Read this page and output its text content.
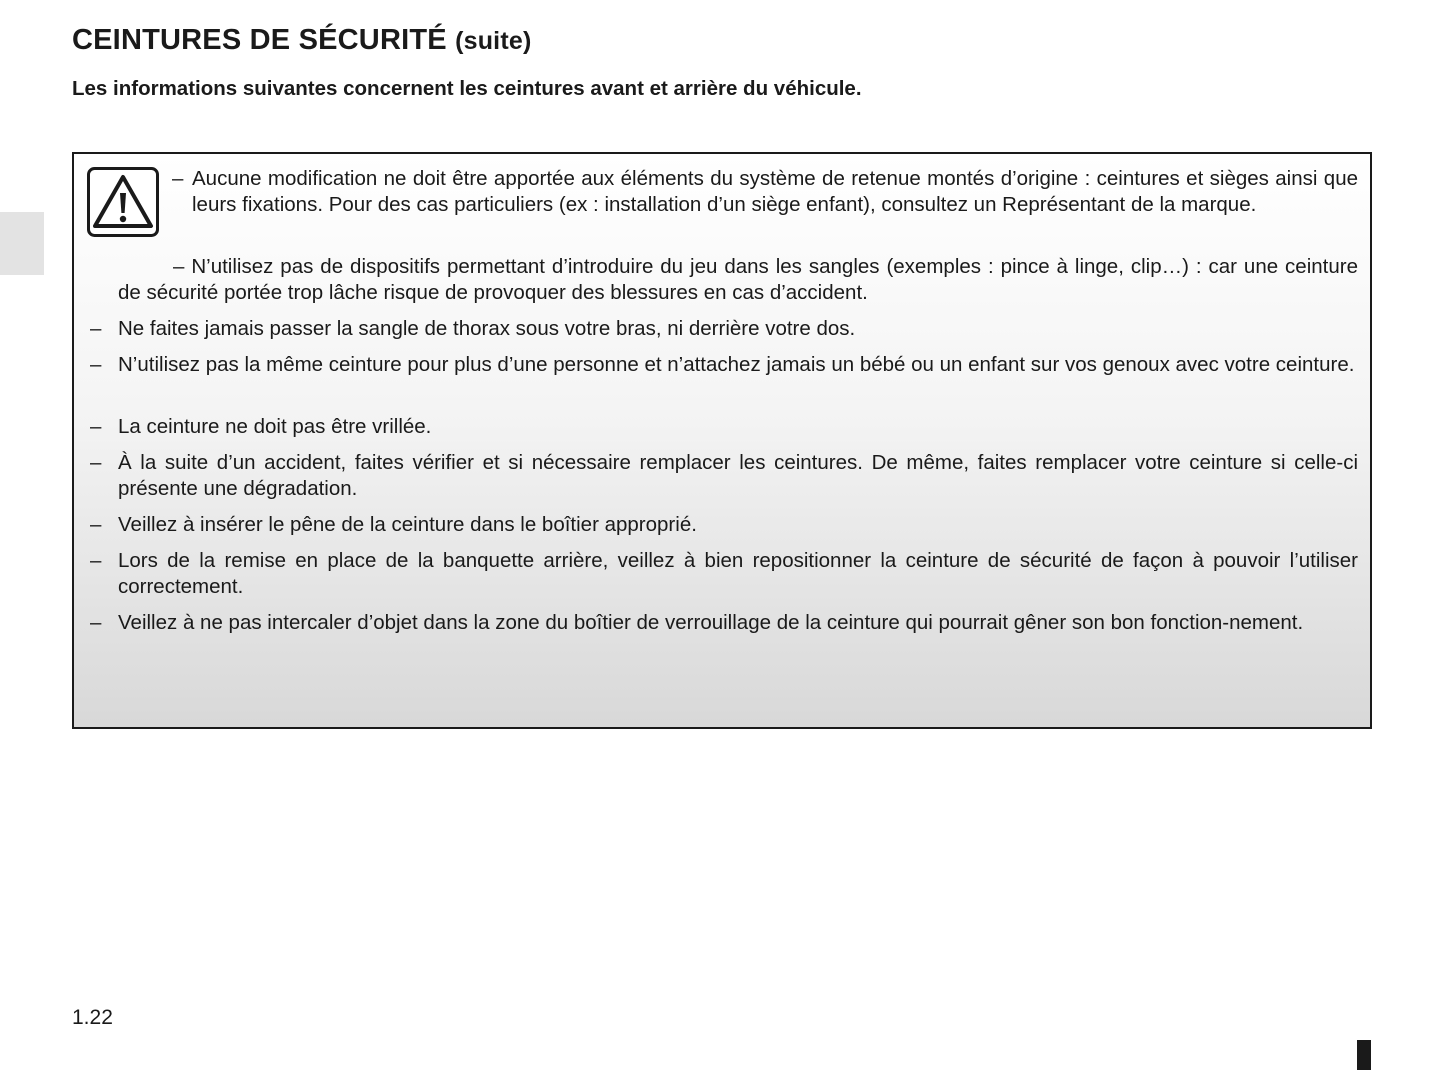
CEINTURES DE SÉCURITÉ (suite)

Les informations suivantes concernent les ceintures avant et arrière du véhicule.

– Aucune modification ne doit être apportée aux éléments du système de retenue montés d’origine : ceintures et sièges ainsi que leurs fixations. Pour des cas particuliers (ex : installation d’un siège enfant), consultez un Représentant de la marque.

– N’utilisez pas de dispositifs permettant d’introduire du jeu dans les sangles (exemples : pince à linge, clip…) : car une ceinture de sécurité portée trop lâche risque de provoquer des blessures en cas d’accident.

– Ne faites jamais passer la sangle de thorax sous votre bras, ni derrière votre dos.

– N’utilisez pas la même ceinture pour plus d’une personne et n’attachez jamais un bébé ou un enfant sur vos genoux avec votre ceinture.

– La ceinture ne doit pas être vrillée.

– À la suite d’un accident, faites vérifier et si nécessaire remplacer les ceintures. De même, faites remplacer votre ceinture si celle-ci présente une dégradation.

– Veillez à insérer le pêne de la ceinture dans le boîtier approprié.

– Lors de la remise en place de la banquette arrière, veillez à bien repositionner la ceinture de sécurité de façon à pouvoir l’utiliser correctement.

– Veillez à ne pas intercaler d’objet dans la zone du boîtier de verrouillage de la ceinture qui pourrait gêner son bon fonction-nement.

1.22
